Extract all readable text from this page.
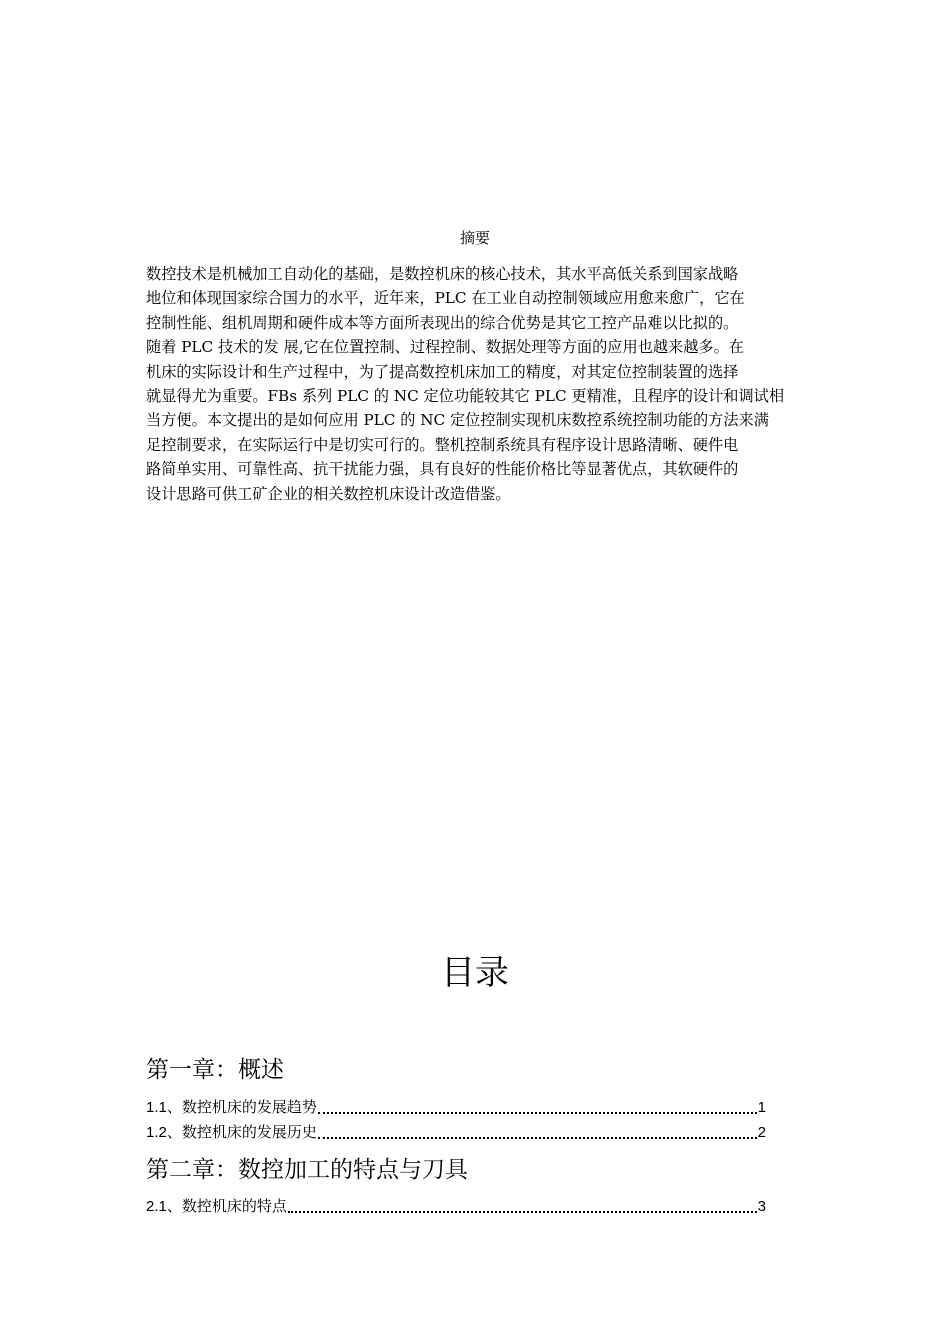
摘要
数控技术是机械加工自动化的基础，是数控机床的核心技术，其水平高低关系到国家战略
地位和体现国家综合国力的水平，近年来，PLC 在工业自动控制领域应用愈来愈广，它在
控制性能、组机周期和硬件成本等方面所表现出的综合优势是其它工控产品难以比拟的。
随着 PLC 技术的发 展,它在位置控制、过程控制、数据处理等方面的应用也越来越多。在
机床的实际设计和生产过程中，为了提高数控机床加工的精度，对其定位控制装置的选择
就显得尤为重要。FBs 系列 PLC 的 NC 定位功能较其它 PLC 更精准，且程序的设计和调试相
当方便。本文提出的是如何应用 PLC 的 NC 定位控制实现机床数控系统控制功能的方法来满
足控制要求，在实际运行中是切实可行的。整机控制系统具有程序设计思路清晰、硬件电
路简单实用、可靠性高、抗干扰能力强，具有良好的性能价格比等显著优点，其软硬件的
设计思路可供工矿企业的相关数控机床设计改造借鉴。
目录
第一章：概述
1.1、数控机床的发展趋势	1
1.2、数控机床的发展历史	2
第二章：数控加工的特点与刀具
2.1、数控机床的特点	3
